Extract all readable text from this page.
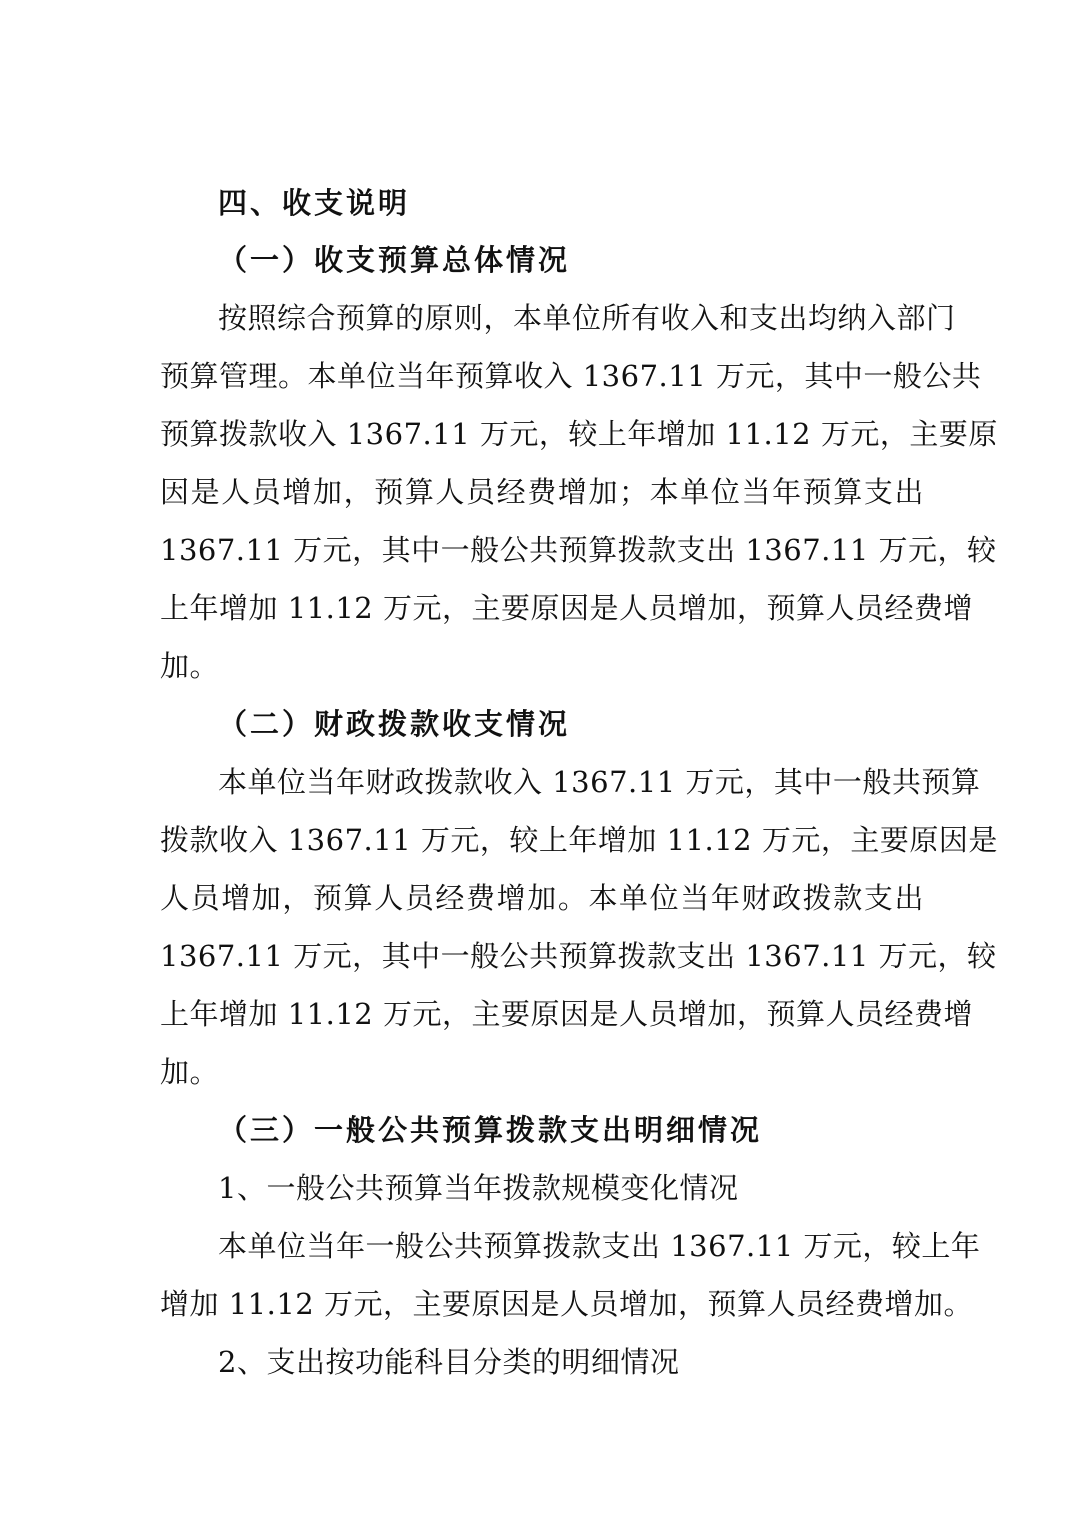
四、收支说明
（一）收支预算总体情况
按照综合预算的原则，本单位所有收入和支出均纳入部门
预算管理。本单位当年预算收入 1367.11 万元，其中一般公共
预算拨款收入 1367.11 万元，较上年增加 11.12 万元，主要原
因是人员增加，预算人员经费增加；本单位当年预算支出
1367.11 万元，其中一般公共预算拨款支出 1367.11 万元，较
上年增加 11.12 万元，主要原因是人员增加，预算人员经费增
加。
（二）财政拨款收支情况
本单位当年财政拨款收入 1367.11 万元，其中一般共预算
拨款收入 1367.11 万元，较上年增加 11.12 万元，主要原因是
人员增加，预算人员经费增加。本单位当年财政拨款支出
1367.11 万元，其中一般公共预算拨款支出 1367.11 万元，较
上年增加 11.12 万元，主要原因是人员增加，预算人员经费增
加。
（三）一般公共预算拨款支出明细情况
1、一般公共预算当年拨款规模变化情况
本单位当年一般公共预算拨款支出 1367.11 万元，较上年
增加 11.12 万元，主要原因是人员增加，预算人员经费增加。
2、支出按功能科目分类的明细情况
